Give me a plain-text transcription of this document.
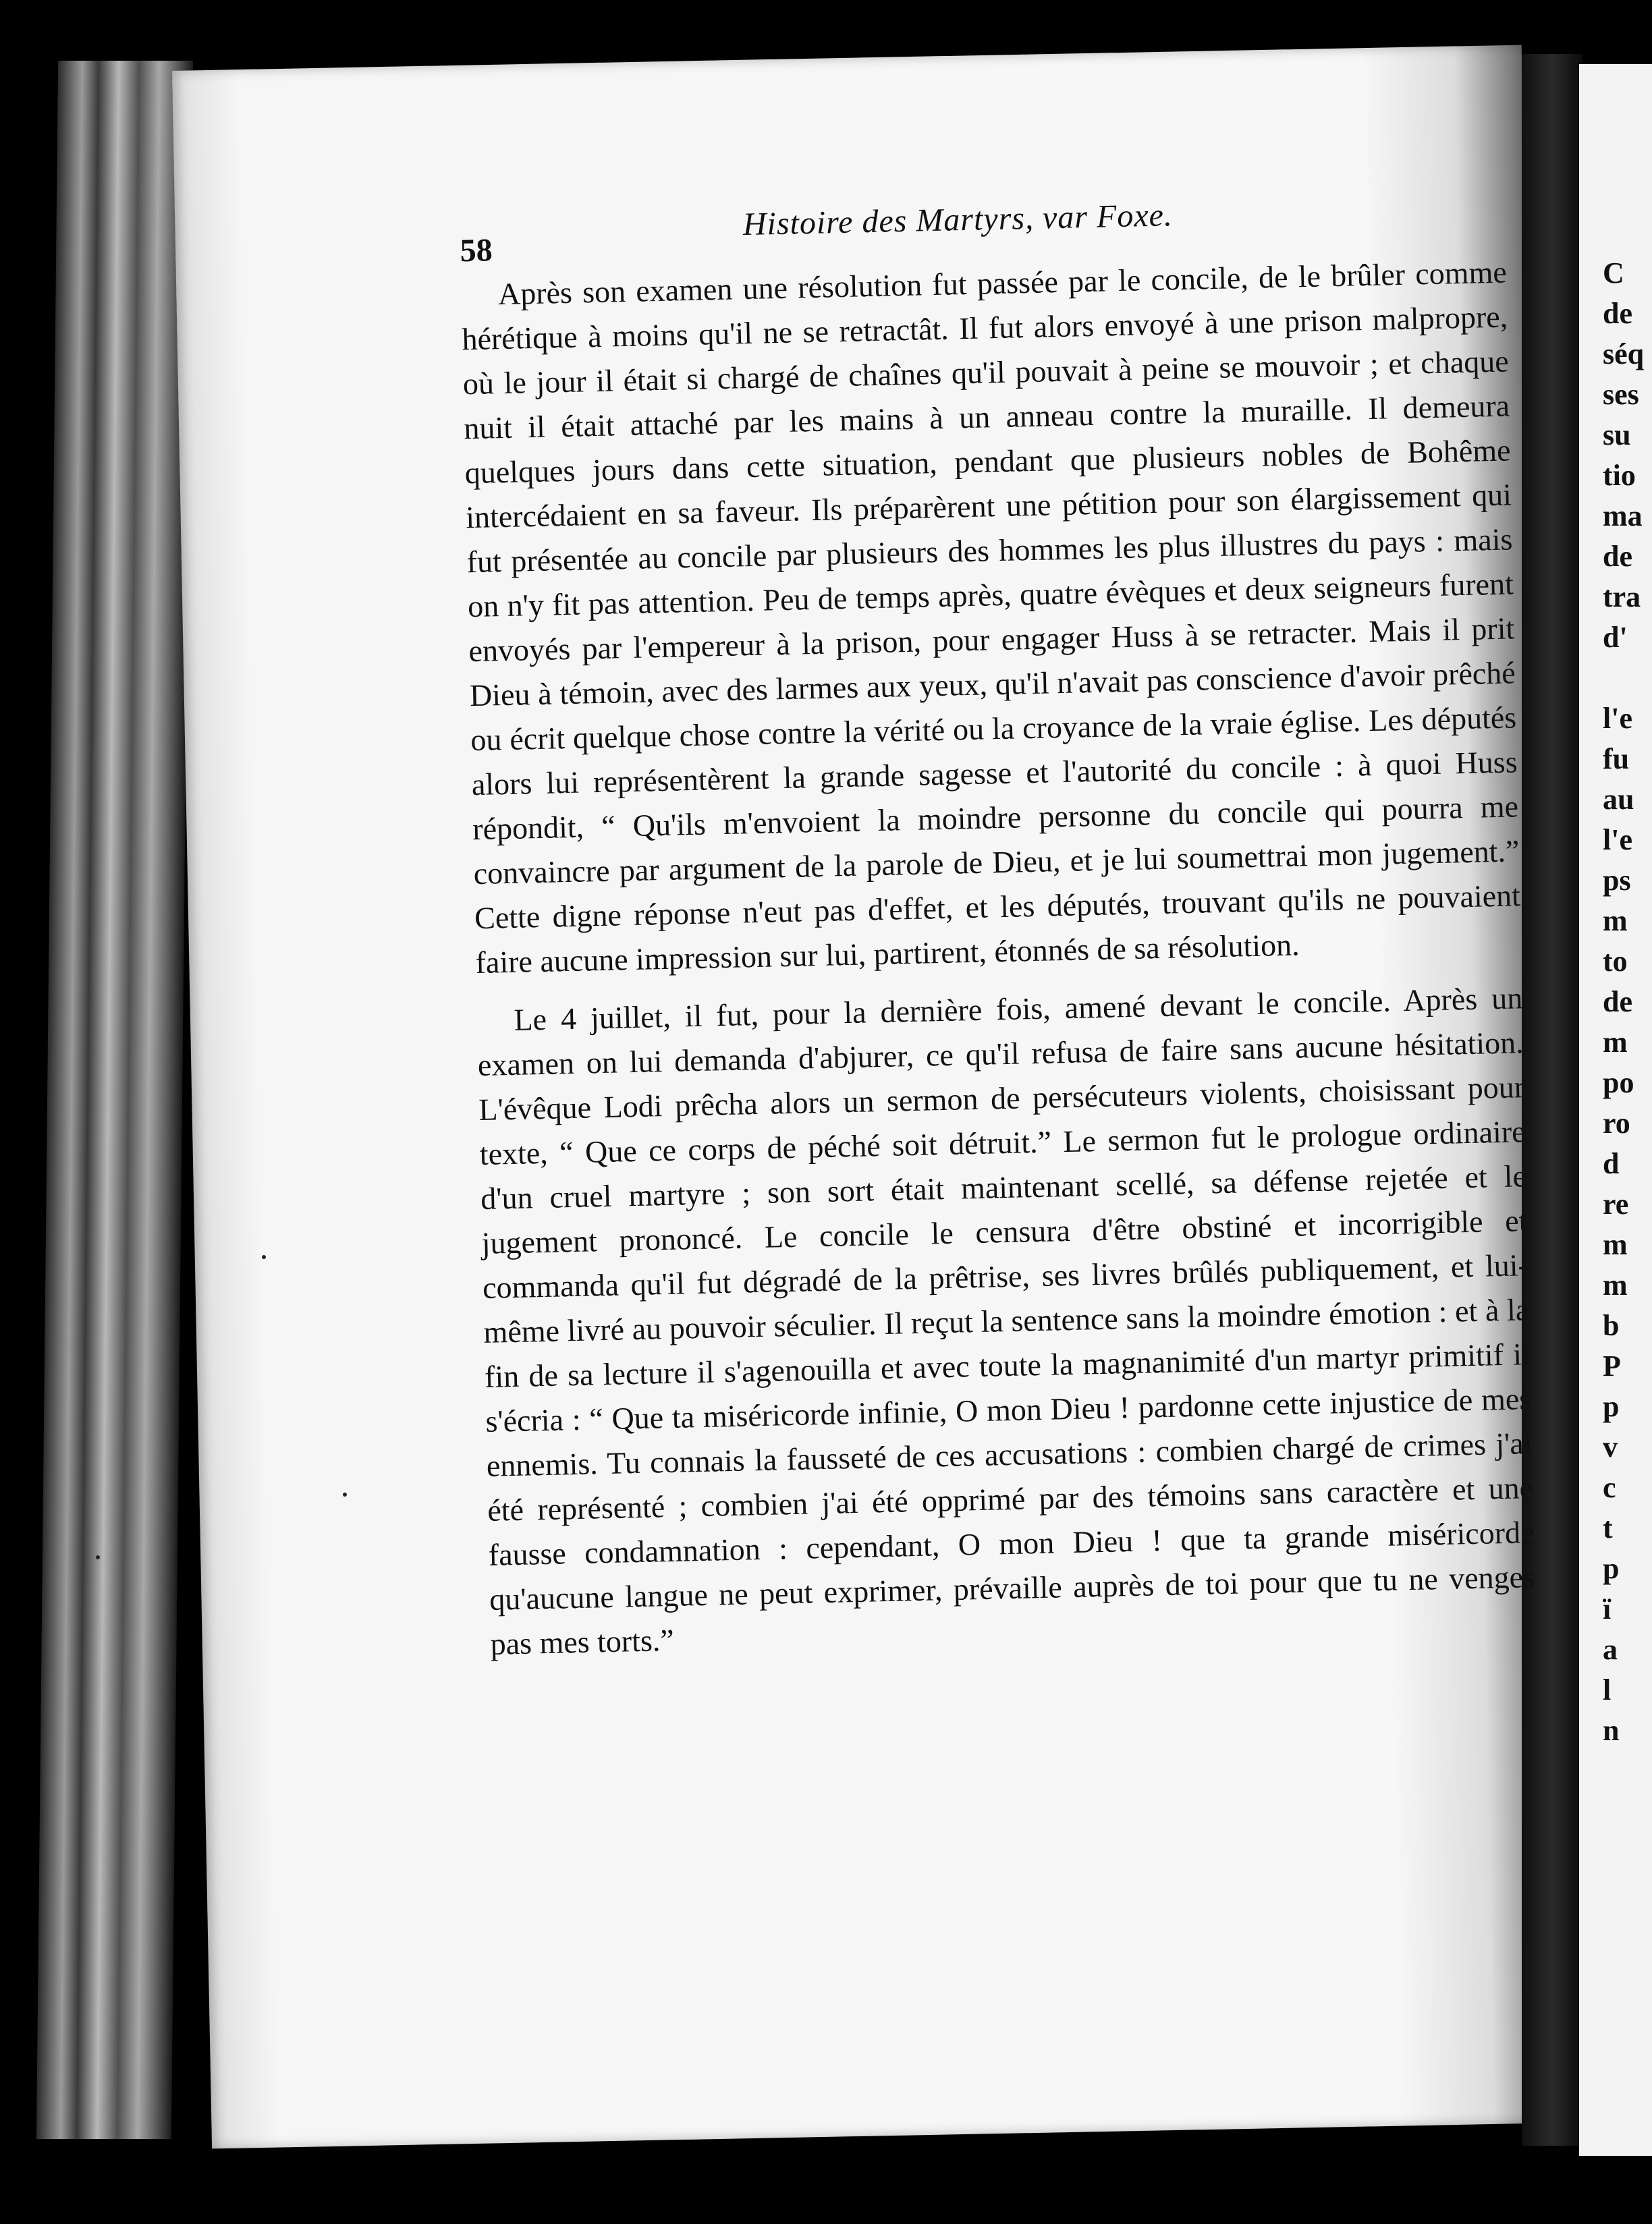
C
de
séq
ses
su
tio
ma
de
tra
d'

l'e
fu
au
l'e
ps
m
to
de
m
po
ro
d
re
m
m
b
P
p
v
c
t
p
ï
a
l
n
58
Histoire des Martyrs, var Foxe.

Après son examen une résolution fut passée par le concile, de le brûler comme hérétique à moins qu'il ne se retractât. Il fut alors envoyé à une prison malpropre, où le jour il était si chargé de chaînes qu'il pouvait à peine se mouvoir ; et chaque nuit il était attaché par les mains à un anneau contre la muraille. Il demeura quelques jours dans cette situation, pendant que plusieurs nobles de Bohême intercédaient en sa faveur. Ils préparèrent une pétition pour son élargissement qui fut présentée au concile par plusieurs des hommes les plus illustres du pays : mais on n'y fit pas attention. Peu de temps après, quatre évèques et deux seigneurs furent envoyés par l'empereur à la prison, pour engager Huss à se retracter. Mais il prit Dieu à témoin, avec des larmes aux yeux, qu'il n'avait pas conscience d'avoir prêché ou écrit quelque chose contre la vérité ou la croyance de la vraie église. Les députés alors lui représentèrent la grande sagesse et l'autorité du concile : à quoi Huss répondit, “ Qu'ils m'envoient la moindre personne du concile qui pourra me convaincre par argument de la parole de Dieu, et je lui soumettrai mon jugement.” Cette digne réponse n'eut pas d'effet, et les députés, trouvant qu'ils ne pouvaient faire aucune impression sur lui, partirent, étonnés de sa résolution.

Le 4 juillet, il fut, pour la dernière fois, amené devant le concile. Après un examen on lui demanda d'abjurer, ce qu'il refusa de faire sans aucune hésitation. L'évêque Lodi prêcha alors un sermon de persécuteurs violents, choisissant pour texte, “ Que ce corps de péché soit détruit.” Le sermon fut le prologue ordinaire d'un cruel martyre ; son sort était maintenant scellé, sa défense rejetée et le jugement prononcé. Le concile le censura d'être obstiné et incorrigible et commanda qu'il fut dégradé de la prêtrise, ses livres brûlés publiquement, et lui-même livré au pouvoir séculier. Il reçut la sentence sans la moindre émotion : et à la fin de sa lecture il s'agenouilla et avec toute la magnanimité d'un martyr primitif il s'écria : “ Que ta miséricorde infinie, O mon Dieu ! pardonne cette injustice de mes ennemis. Tu connais la fausseté de ces accusations : combien chargé de crimes j'ai été représenté ; combien j'ai été opprimé par des témoins sans caractère et une fausse condamnation : cependant, O mon Dieu ! que ta grande miséricorde qu'aucune langue ne peut exprimer, prévaille auprès de toi pour que tu ne venges pas mes torts.”
